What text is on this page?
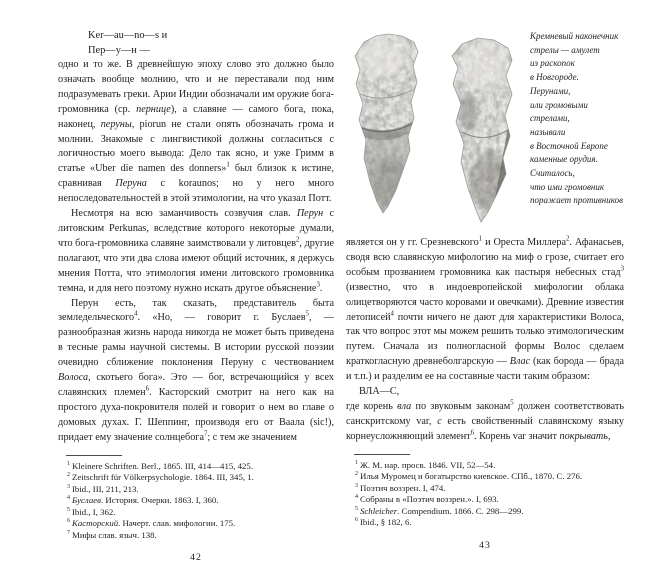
Ker—au—no—s и
Пер—у—н —

одно и то же. В древнейшую эпоху слово это должно было означать вообще молнию, что и не переставали под ним подразумевать греки. Арии Индии обозначали им оружие бога-громовника (ср. пернице), а славяне — самого бога, пока, наконец, перуны, piorun не стали опять обозначать грома и молнии. Знакомые с лингвистикой должны согласиться с логичностью моего вывода: Дело так ясно, и уже Гримм в статье «Uber die namen des donners»$^1$ был близок к истине, сравнивая Перуна с koraunos; но у него много непоследовательностей в этой этимологии, на что указал Потт.

Несмотря на всю заманчивость созвучия слав. Перун с литовским Perkunas, вследствие которого некоторые думали, что бога-громовника славяне заимствовали у литовцев$^2$, другие полагают, что эти два слова имеют общий источник, я держусь мнения Потта, что этимология имени литовского громовника темна, и для него поэтому нужно искать другое объяснение$^3$.

Перун есть, так сказать, представитель быта земледельческого$^4$. «Но, — говорит г. Буслаев$^5$, — разнообразная жизнь народа никогда не может быть приведена в тесные рамы научной системы. В истории русской поэзии очевидно сближение поклонения Перуну с чествованием Волоса, скотьего бога». Это — бог, встречающийся у всех славянских племен$^6$. Касторский смотрит на него как на простого духа-покровителя полей и говорит о нем во главе о домовых духах. Г. Шеппинг, производя его от Ваала (sic!), придает ему значение солнцебога$^7$; с тем же значением

$^1$ Kleinere Schriften. Berl., 1865. III, 414—415, 425.
$^2$ Zeitschrift für Völkerpsychologie. 1864. III, 345, 1.
$^3$ Ibid., III, 211, 213.
$^4$ Буслаев. История. Очерки. 1863. I, 360.
$^5$ Ibid., I, 362.
$^6$ Касторский. Начерт. слав. мифологии. 175.
$^7$ Мифы слав. языч. 138.
42
Кремневый наконечник
стрелы — амулет
из раскопок
в Новгороде.
Перунами,
или громовыми
стрелами,
называли
в Восточной Европе
каменные орудия.
Считалось,
что ими громовник
поражает противников

является он у гг. Срезневского$^1$ и Ореста Миллера$^2$. Афанасьев, сводя всю славянскую мифологию на миф о грозе, считает его особым прозванием громовника как пастыря небесных стад$^3$ (известно, что в индоевропейской мифологии облака олицетворяются часто коровами и овечками). Древние известия летописей$^4$ почти ничего не дают для характеристики Волоса, так что вопрос этот мы можем решить только этимологическим путем. Сначала из полногласной формы Волос сделаем краткогласную древнеболгарскую — Влас (как борода — брада и т.п.) и разделим ее на составные части таким образом:

ВЛА—С,

где корень вла по звуковым законам$^5$ должен соответствовать санскритскому var, с есть свойственный славянскому языку корнеусложняющий элемент$^6$. Корень var значит покрывать,

$^1$ Ж. М. нар. просв. 1846. VII, 52—54.
$^2$ Илья Муромец и богатырство киевское. СПб., 1870. С. 276.
$^3$ Поэтич воззрен. I, 474.
$^4$ Собраны в «Поэтич воззрен.». I, 693.
$^5$ Schleicher. Compendium. 1866. С. 298—299.
$^6$ Ibid., § 182, 6.
43
